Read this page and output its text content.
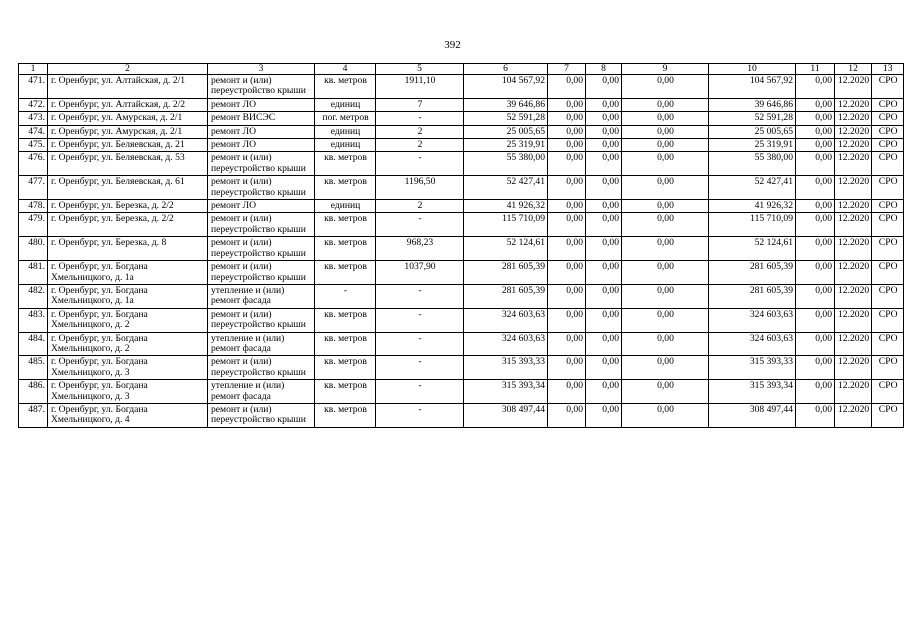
392
1	2	3	4	5	6	7	8	9	10	11	12	13
471.	г. Оренбург, ул. Алтайская, д. 2/1	ремонт и (или) переустройство крыши	кв. метров	1911,10	104 567,92	0,00	0,00	0,00	104 567,92	0,00	12.2020	СРО
472.	г. Оренбург, ул. Алтайская, д. 2/2	ремонт ЛО	единиц	7	39 646,86	0,00	0,00	0,00	39 646,86	0,00	12.2020	СРО
473.	г. Оренбург, ул. Амурская, д. 2/1	ремонт ВИСЭС	пог. метров	-	52 591,28	0,00	0,00	0,00	52 591,28	0,00	12.2020	СРО
474.	г. Оренбург, ул. Амурская, д. 2/1	ремонт ЛО	единиц	2	25 005,65	0,00	0,00	0,00	25 005,65	0,00	12.2020	СРО
475.	г. Оренбург, ул. Беляевская, д. 21	ремонт ЛО	единиц	2	25 319,91	0,00	0,00	0,00	25 319,91	0,00	12.2020	СРО
476.	г. Оренбург, ул. Беляевская, д. 53	ремонт и (или) переустройство крыши	кв. метров	-	55 380,00	0,00	0,00	0,00	55 380,00	0,00	12.2020	СРО
477.	г. Оренбург, ул. Беляевская, д. 61	ремонт и (или) переустройство крыши	кв. метров	1196,50	52 427,41	0,00	0,00	0,00	52 427,41	0,00	12.2020	СРО
478.	г. Оренбург, ул. Березка, д. 2/2	ремонт ЛО	единиц	2	41 926,32	0,00	0,00	0,00	41 926,32	0,00	12.2020	СРО
479.	г. Оренбург, ул. Березка, д. 2/2	ремонт и (или) переустройство крыши	кв. метров	-	115 710,09	0,00	0,00	0,00	115 710,09	0,00	12.2020	СРО
480.	г. Оренбург, ул. Березка, д. 8	ремонт и (или) переустройство крыши	кв. метров	968,23	52 124,61	0,00	0,00	0,00	52 124,61	0,00	12.2020	СРО
481.	г. Оренбург, ул. Богдана Хмельницкого, д. 1а	ремонт и (или) переустройство крыши	кв. метров	1037,90	281 605,39	0,00	0,00	0,00	281 605,39	0,00	12.2020	СРО
482.	г. Оренбург, ул. Богдана Хмельницкого, д. 1а	утепление и (или) ремонт фасада	-	-	281 605,39	0,00	0,00	0,00	281 605,39	0,00	12.2020	СРО
483.	г. Оренбург, ул. Богдана Хмельницкого, д. 2	ремонт и (или) переустройство крыши	кв. метров	-	324 603,63	0,00	0,00	0,00	324 603,63	0,00	12.2020	СРО
484.	г. Оренбург, ул. Богдана Хмельницкого, д. 2	утепление и (или) ремонт фасада	кв. метров	-	324 603,63	0,00	0,00	0,00	324 603,63	0,00	12.2020	СРО
485.	г. Оренбург, ул. Богдана Хмельницкого, д. 3	ремонт и (или) переустройство крыши	кв. метров	-	315 393,33	0,00	0,00	0,00	315 393,33	0,00	12.2020	СРО
486.	г. Оренбург, ул. Богдана Хмельницкого, д. 3	утепление и (или) ремонт фасада	кв. метров	-	315 393,34	0,00	0,00	0,00	315 393,34	0,00	12.2020	СРО
487.	г. Оренбург, ул. Богдана Хмельницкого, д. 4	ремонт и (или) переустройство крыши	кв. метров	-	308 497,44	0,00	0,00	0,00	308 497,44	0,00	12.2020	СРО
